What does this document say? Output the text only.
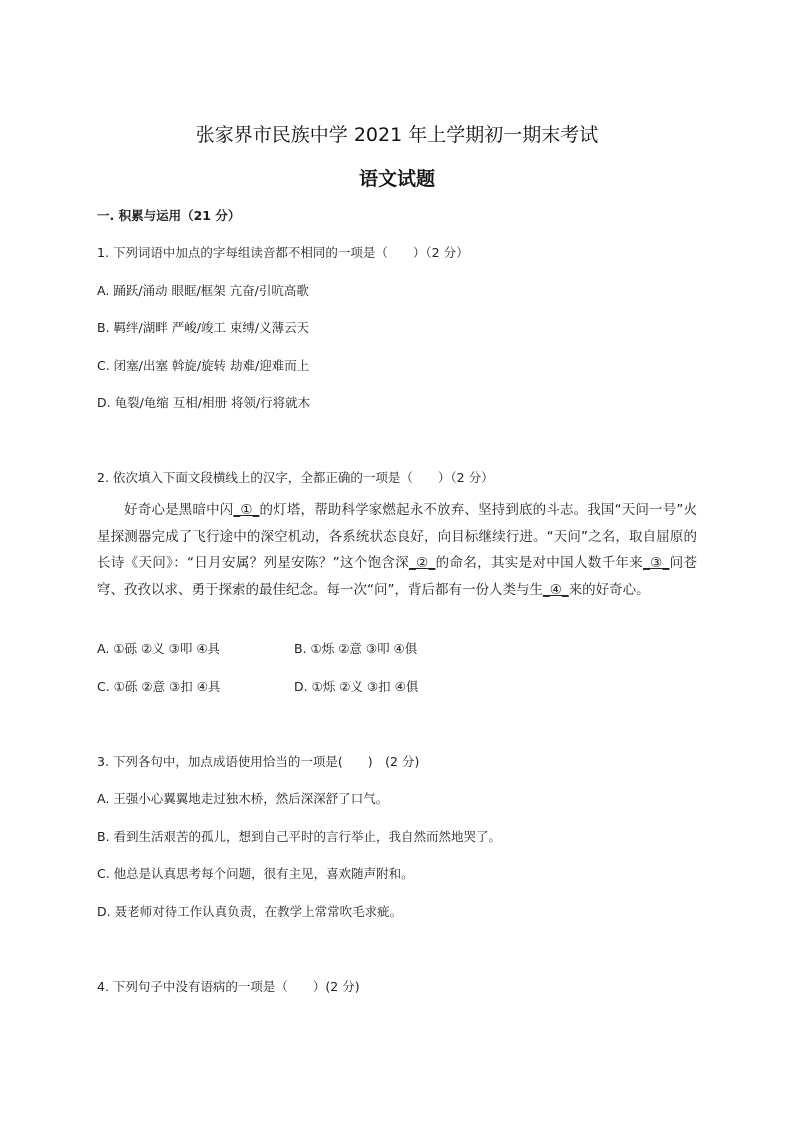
张家界市民族中学 2021 年上学期初一期末考试
语文试题
一. 积累与运用（21 分）
1. 下列词语中加点的字每组读音都不相同的一项是（　　）（2 分）
A. 踊跃/涌动 眼眶/框架 亢奋/引吭高歌
B. 羁绊/湖畔 严峻/竣工 束缚/义薄云天
C. 闭塞/出塞 斡旋/旋转 劫难/迎难而上
D. 龟裂/龟缩 互相/相册 将领/行将就木
2. 依次填入下面文段横线上的汉字，全都正确的一项是（　　）（2 分）
好奇心是黑暗中闪_①_的灯塔，帮助科学家燃起永不放弃、坚持到底的斗志。我国“天问一号”火星探测器完成了飞行途中的深空机动，各系统状态良好，向目标继续行进。“天问”之名，取自屈原的长诗《天问》：“日月安属？列星安陈？”这个饱含深_②_的命名，其实是对中国人数千年来_③_问苍穹、孜孜以求、勇于探索的最佳纪念。每一次“问”，背后都有一份人类与生_④_来的好奇心。
A. ①砾 ②义 ③叩 ④具	B. ①烁 ②意 ③叩 ④俱
C. ①砾 ②意 ③扣 ④具	D. ①烁 ②义 ③扣 ④俱
3. 下列各句中，加点成语使用恰当的一项是(　　)　(2 分)
A. 王强小心翼翼地走过独木桥，然后深深舒了口气。
B. 看到生活艰苦的孤儿，想到自己平时的言行举止，我自然而然地哭了。
C. 他总是认真思考每个问题，很有主见，喜欢随声附和。
D. 聂老师对待工作认真负责，在教学上常常吹毛求疵。
4. 下列句子中没有语病的一项是（　　）(2 分)
